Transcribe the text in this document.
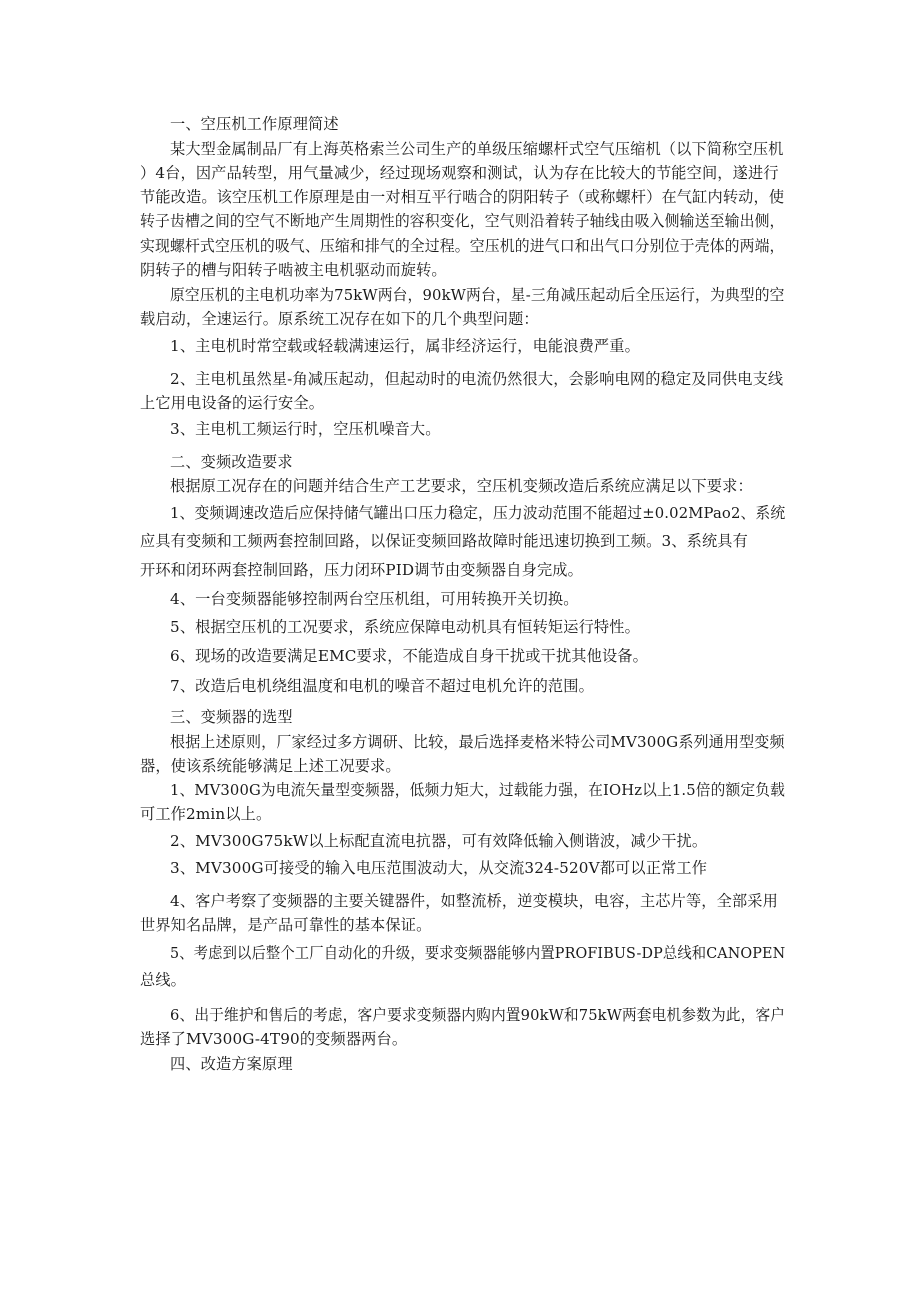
一、空压机工作原理简述
某大型金属制品厂有上海英格索兰公司生产的单级压缩螺杆式空气压缩机（以下简称空压机
）4台，因产品转型，用气量减少，经过现场观察和测试，认为存在比较大的节能空间，遂进行
节能改造。该空压机工作原理是由一对相互平行啮合的阴阳转子（或称螺杆）在气缸内转动，使
转子齿槽之间的空气不断地产生周期性的容积变化，空气则沿着转子轴线由吸入侧输送至输出侧，
实现螺杆式空压机的吸气、压缩和排气的全过程。空压机的进气口和出气口分别位于壳体的两端，
阴转子的槽与阳转子啮被主电机驱动而旋转。
原空压机的主电机功率为75kW两台，90kW两台，星-三角减压起动后全压运行，为典型的空
载启动，全速运行。原系统工况存在如下的几个典型问题：
1、主电机时常空载或轻载满速运行，属非经济运行，电能浪费严重。
2、主电机虽然星-角减压起动，但起动时的电流仍然很大，会影响电网的稳定及同供电支线
上它用电设备的运行安全。
3、主电机工频运行时，空压机噪音大。
二、变频改造要求
根据原工况存在的问题并结合生产工艺要求，空压机变频改造后系统应满足以下要求：
1、变频调速改造后应保持储气罐出口压力稳定，压力波动范围不能超过±0.02MPao2、系统
应具有变频和工频两套控制回路，以保证变频回路故障时能迅速切换到工频。3、系统具有
开环和闭环两套控制回路，压力闭环PID调节由变频器自身完成。
4、一台变频器能够控制两台空压机组，可用转换开关切换。
5、根据空压机的工况要求，系统应保障电动机具有恒转矩运行特性。
6、现场的改造要满足EMC要求，不能造成自身干扰或干扰其他设备。
7、改造后电机绕组温度和电机的噪音不超过电机允许的范围。
三、变频器的选型
根据上述原则，厂家经过多方调研、比较，最后选择麦格米特公司MV300G系列通用型变频
器，使该系统能够满足上述工况要求。
1、MV300G为电流矢量型变频器，低频力矩大，过载能力强，在IOHz以上1.5倍的额定负载
可工作2min以上。
2、MV300G75kW以上标配直流电抗器，可有效降低输入侧谐波，减少干扰。
3、MV300G可接受的输入电压范围波动大，从交流324-520V都可以正常工作
4、客户考察了变频器的主要关键器件，如整流桥，逆变模块，电容，主芯片等，全部采用
世界知名品牌，是产品可靠性的基本保证。
5、考虑到以后整个工厂自动化的升级，要求变频器能够内置PROFIBUS-DP总线和CANOPEN
总线。
6、出于维护和售后的考虑，客户要求变频器内购内置90kW和75kW两套电机参数为此，客户
选择了MV300G-4T90的变频器两台。
四、改造方案原理
